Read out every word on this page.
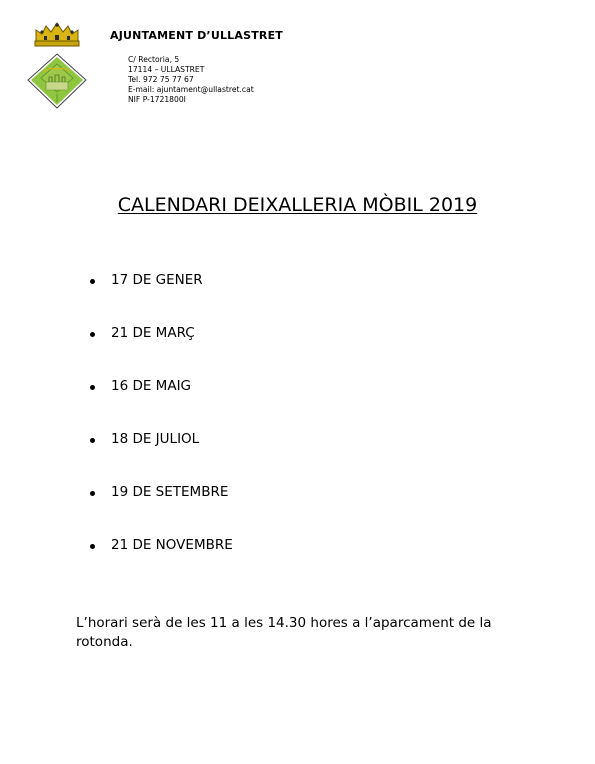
AJUNTAMENT D’ULLASTRET
C/ Rectoria, 5
17114 – ULLASTRET
Tel. 972 75 77 67
E-mail: ajuntament@ullastret.cat
NIF P-1721800I
CALENDARI DEIXALLERIA MÒBIL 2019
17 DE GENER
21 DE MARÇ
16 DE MAIG
18 DE JULIOL
19 DE SETEMBRE
21 DE NOVEMBRE
L’horari serà de les 11 a les 14.30 hores a l’aparcament de la rotonda.
